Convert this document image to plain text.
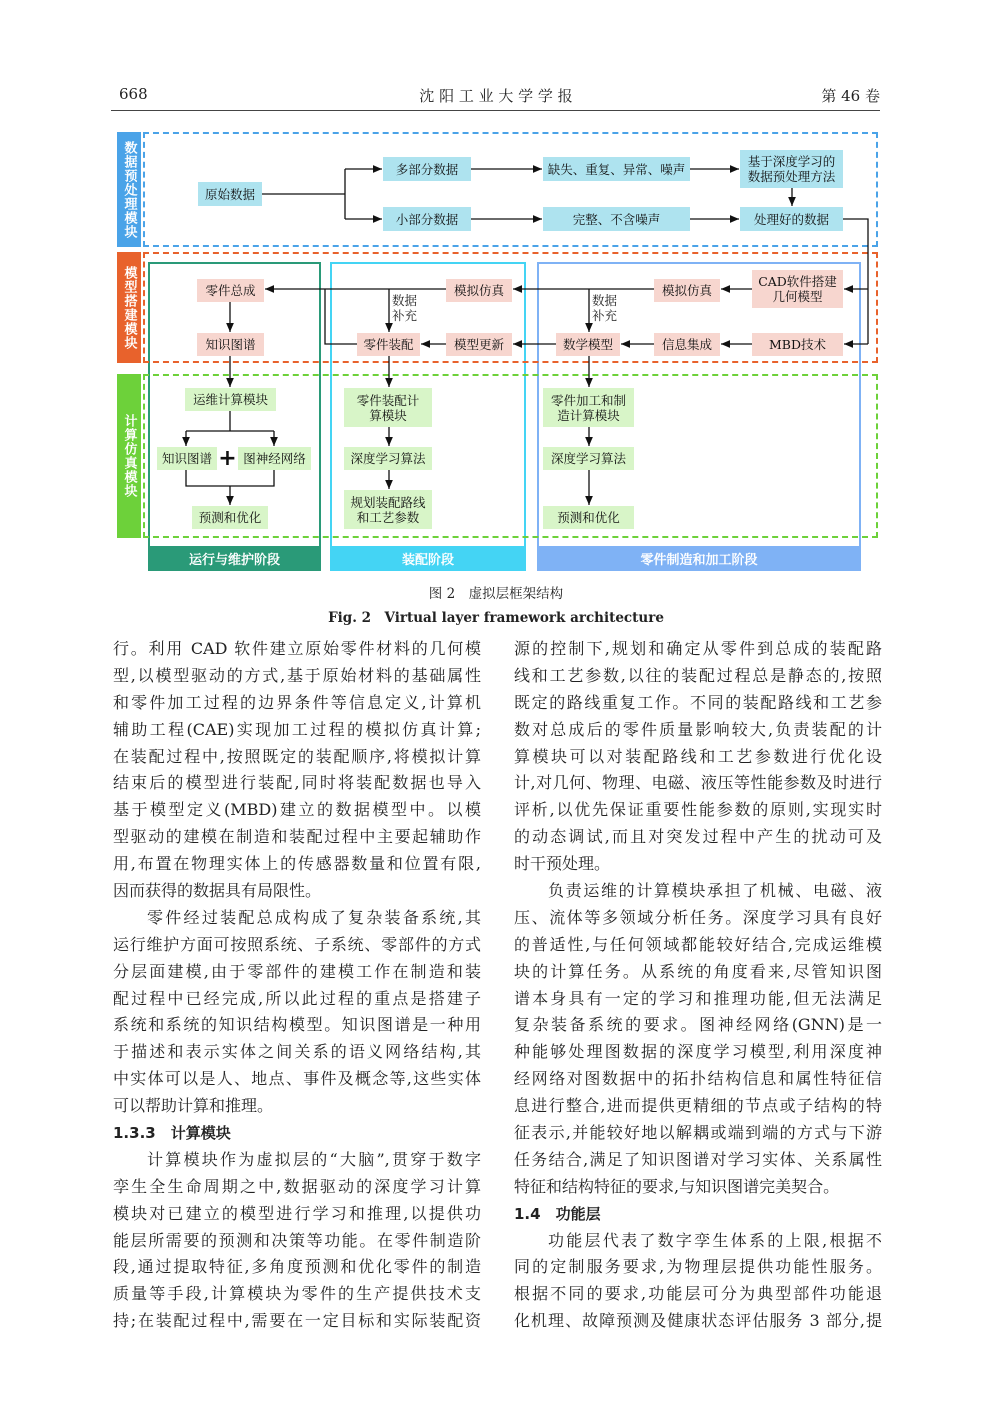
668	沈 阳 工 业 大 学 学 报	第 46 卷
运行与维护阶段	装配阶段	零件制造和加工阶段
数据预处理模块
模型搭建模块
计算仿真模块
原始数据
多部分数据
小部分数据
缺失、重复、异常、噪声
完整、不含噪声
基于深度学习的数据预处理方法
处理好的数据
零件总成
知识图谱
模拟仿真
零件装配	模型更新
模拟仿真
数学模型	信息集成
CAD软件搭建几何模型
MBD技术
数据补充
数据补充
运维计算模块
知识图谱 + 图神经网络
预测和优化
零件装配计算模块
深度学习算法
规划装配路线和工艺参数
零件加工和制造计算模块
深度学习算法
预测和优化
图 2　虚拟层框架结构
Fig. 2　Virtual layer framework architecture
行。利用 CAD 软件建立原始零件材料的几何模
型,以模型驱动的方式,基于原始材料的基础属性
和零件加工过程的边界条件等信息定义,计算机
辅助工程(CAE)实现加工过程的模拟仿真计算;
在装配过程中,按照既定的装配顺序,将模拟计算
结束后的模型进行装配,同时将装配数据也导入
基于模型定义(MBD)建立的数据模型中。以模
型驱动的建模在制造和装配过程中主要起辅助作
用,布置在物理实体上的传感器数量和位置有限,
因而获得的数据具有局限性。
零件经过装配总成构成了复杂装备系统,其
运行维护方面可按照系统、子系统、零部件的方式
分层面建模,由于零部件的建模工作在制造和装
配过程中已经完成,所以此过程的重点是搭建子
系统和系统的知识结构模型。知识图谱是一种用
于描述和表示实体之间关系的语义网络结构,其
中实体可以是人、地点、事件及概念等,这些实体
可以帮助计算和推理。
1.3.3　计算模块
计算模块作为虚拟层的“大脑”,贯穿于数字
孪生全生命周期之中,数据驱动的深度学习计算
模块对已建立的模型进行学习和推理,以提供功
能层所需要的预测和决策等功能。在零件制造阶
段,通过提取特征,多角度预测和优化零件的制造
质量等手段,计算模块为零件的生产提供技术支
持;在装配过程中,需要在一定目标和实际装配资
源的控制下,规划和确定从零件到总成的装配路
线和工艺参数,以往的装配过程总是静态的,按照
既定的路线重复工作。不同的装配路线和工艺参
数对总成后的零件质量影响较大,负责装配的计
算模块可以对装配路线和工艺参数进行优化设
计,对几何、物理、电磁、液压等性能参数及时进行
评析,以优先保证重要性能参数的原则,实现实时
的动态调试,而且对突发过程中产生的扰动可及
时干预处理。
负责运维的计算模块承担了机械、电磁、液
压、流体等多领域分析任务。深度学习具有良好
的普适性,与任何领域都能较好结合,完成运维模
块的计算任务。从系统的角度看来,尽管知识图
谱本身具有一定的学习和推理功能,但无法满足
复杂装备系统的要求。图神经网络(GNN)是一
种能够处理图数据的深度学习模型,利用深度神
经网络对图数据中的拓扑结构信息和属性特征信
息进行整合,进而提供更精细的节点或子结构的特
征表示,并能较好地以解耦或端到端的方式与下游
任务结合,满足了知识图谱对学习实体、关系属性
特征和结构特征的要求,与知识图谱完美契合。
1.4　功能层
功能层代表了数字孪生体系的上限,根据不
同的定制服务要求,为物理层提供功能性服务。
根据不同的要求,功能层可分为典型部件功能退
化机理、故障预测及健康状态评估服务 3 部分,提
